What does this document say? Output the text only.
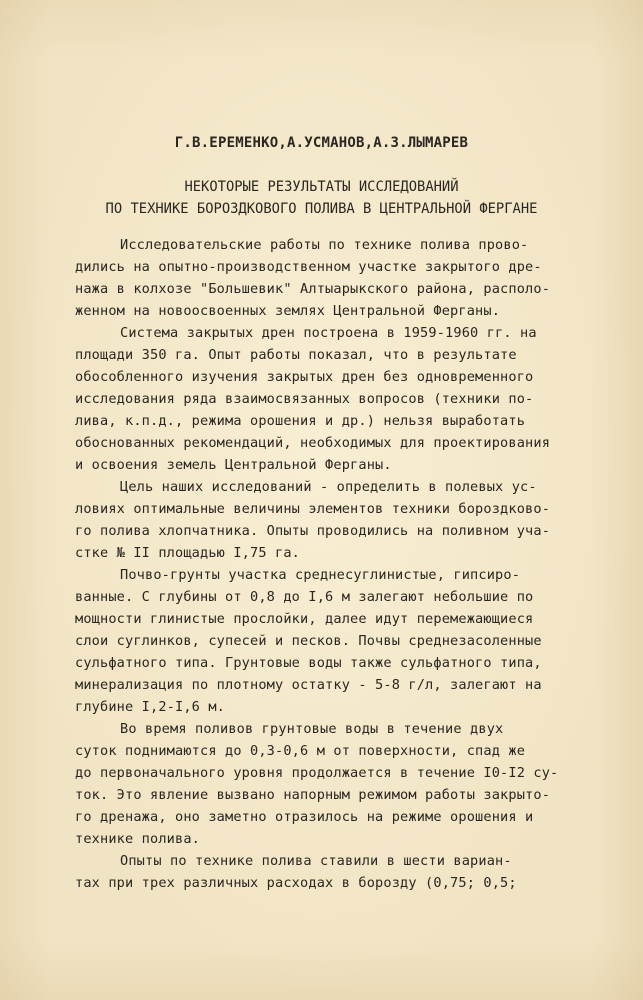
Г.В.ЕРЕМЕНКО,А.УСМАНОВ,А.З.ЛЫМАРЕВ
НЕКОТОРЫЕ РЕЗУЛЬТАТЫ ИССЛЕДОВАНИЙ
ПО ТЕХНИКЕ БОРОЗДКОВОГО ПОЛИВА В ЦЕНТРАЛЬНОЙ ФЕРГАНЕ
Исследовательские работы по технике полива прово-
дились на опытно-производственном участке закрытого дре-
нажа в колхозе "Большевик" Алтыарыкского района, располо-
женном на новоосвоенных землях Центральной Ферганы.
Система закрытых дрен построена в 1959-1960 гг. на
площади 350 га. Опыт работы показал, что в результате
обособленного изучения закрытых дрен без одновременного
исследования ряда взаимосвязанных вопросов (техники по-
лива, к.п.д., режима орошения и др.) нельзя выработать
обоснованных рекомендаций, необходимых для проектирования
и освоения земель Центральной Ферганы.
Цель наших исследований - определить в полевых ус-
ловиях оптимальные величины элементов техники бороздково-
го полива хлопчатника. Опыты проводились на поливном уча-
стке № II площадью I,75 га.
Почво-грунты участка среднесуглинистые, гипсиро-
ванные. С глубины от 0,8 до I,6 м залегают небольшие по
мощности глинистые прослойки, далее идут перемежающиеся
слои суглинков, супесей и песков. Почвы среднезасоленные
сульфатного типа. Грунтовые воды также сульфатного типа,
минерализация по плотному остатку - 5-8 г/л, залегают на
глубине I,2-I,6 м.
Во время поливов грунтовые воды в течение двух
суток поднимаются до 0,3-0,6 м от поверхности, спад же
до первоначального уровня продолжается в течение I0-I2 су-
ток. Это явление вызвано напорным режимом работы закрыто-
го дренажа, оно заметно отразилось на режиме орошения и
технике полива.
Опыты по технике полива ставили в шести вариан-
тах при трех различных расходах в борозду (0,75; 0,5;
